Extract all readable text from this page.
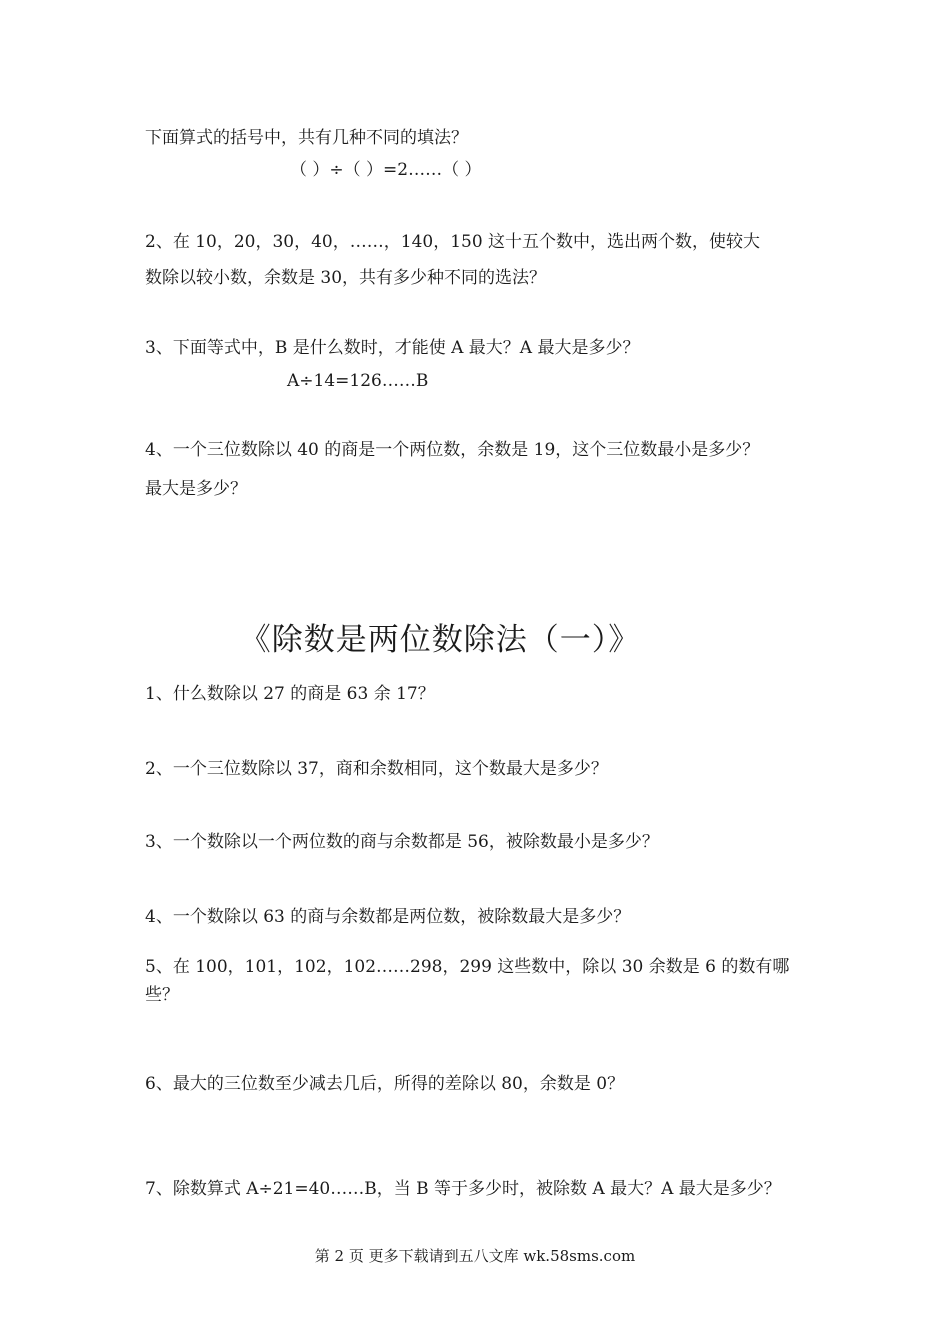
下面算式的括号中，共有几种不同的填法？
（ ）÷（ ）=2……（ ）
2、在 10，20，30，40，……，140，150 这十五个数中，选出两个数，使较大
数除以较小数，余数是 30，共有多少种不同的选法？
3、下面等式中，B 是什么数时，才能使 A 最大？A 最大是多少？
A÷14=126……B
4、一个三位数除以 40 的商是一个两位数，余数是 19，这个三位数最小是多少？
最大是多少？
《除数是两位数除法（一）》
1、什么数除以 27 的商是 63 余 17？
2、一个三位数除以 37，商和余数相同，这个数最大是多少？
3、一个数除以一个两位数的商与余数都是 56，被除数最小是多少？
4、一个数除以 63 的商与余数都是两位数，被除数最大是多少？
5、在 100，101，102，102……298，299 这些数中，除以 30 余数是 6 的数有哪
些？
6、最大的三位数至少减去几后，所得的差除以 80，余数是 0？
7、除数算式 A÷21=40……B，当 B 等于多少时，被除数 A 最大？A 最大是多少？
第 2 页 更多下载请到五八文库 wk.58sms.com
